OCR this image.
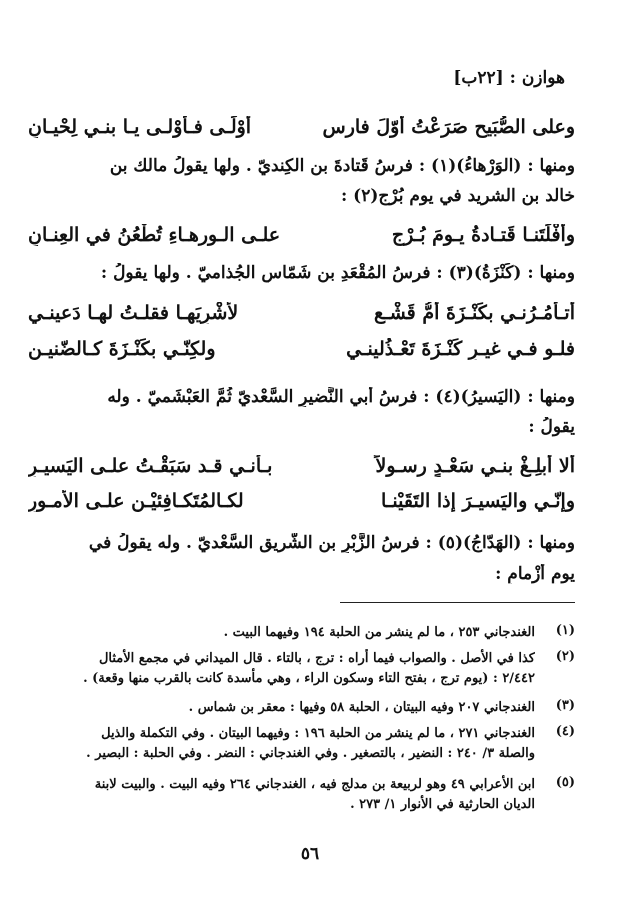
هوازن : [٢٢ب]
وعلى الصُّبَيح صَرَعْتُ أوّلَ فارس
أوْلَـى فـأوْلـى يـا بنـي لِحْيـانِ
ومنها : (الوَرْهاءُ)(١) : فرسُ قَتادةَ بن الكِنديّ . ولها يقولُ مالك بن
خالد بن الشريد في يوم بُرْجٍ(٢) :
وأفْلَتَنـا قَتـادةُ يـومَ بُـرْجٍ
علـى الـورهـاءِ تُطْعُنُ في العِنـانِ
ومنها : (كَنْزَةُ)(٣) : فرسُ المُقْعَدِ بن شَمّاسٍ الجُذاميّ . ولها يقولُ :
أتـأمُـرُنـي بكَنْـزَةَ أمُّ قَشْـعٍ
لأشْرِيَهـا فقلـتُ لهـا دَعينـي
فلـو فـي غيـرِ كَنْـزَةَ تَعْـذُلينـي
ولكِنّـي بكَنْـزَةَ كـالضّنيـنِ
ومنها : (اليَسيرُ)(٤) : فرسُ أبي النَّضيرِ السَّعْديّ ثُمَّ العَبْشَميّ . وله
يقولُ :
ألا أبلِـغْ بنـي سَعْـدٍ رسـولاً
بـأنـي قـد سَبَقْـتُ علـى اليَسيـرِ
وإنّـي واليَسيـرَ إذا التَقَيْنـا
لكـالمُتَكـافِئيْـنِ علـى الأمـورِ
ومنها : (الهَدّاجُ)(٥) : فرسُ الزَّبْرِ بن الشَّريقِ السَّعْديّ . وله يقولُ في
يومِ أزْمامٍ :
(١)
الغندجاني ٢٥٣ ، ما لم ينشر من الحلبة ١٩٤ وفيهما البيت .
(٢)
كذا في الأصل . والصواب فيما أراه : ترج ، بالتاء . قال الميداني في مجمع الأمثال
٢/٤٤٢ : (يوم ترج ، بفتح التاء وسكون الراء ، وهي مأسدة كانت بالقرب منها وقعة) .
(٣)
الغندجاني ٢٠٧ وفيه البيتان ، الحلبة ٥٨ وفيها : معقر بن شماس .
(٤)
الغندجاني ٢٧١ ، ما لم ينشر من الحلبة ١٩٦ : وفيهما البيتان . وفي التكملة والذيل
والصلة ٣/ ٢٤٠ : النضير ، بالتصغير . وفي الغندجاني : النضر . وفي الحلبة : البصير .
(٥)
ابن الأعرابي ٤٩ وهو لربيعة بن مدلج فيه ، الغندجاني ٢٦٤ وفيه البيت . والبيت لابنة
الديان الحارثية في الأنوار ١/ ٢٧٣ .
٥٦
